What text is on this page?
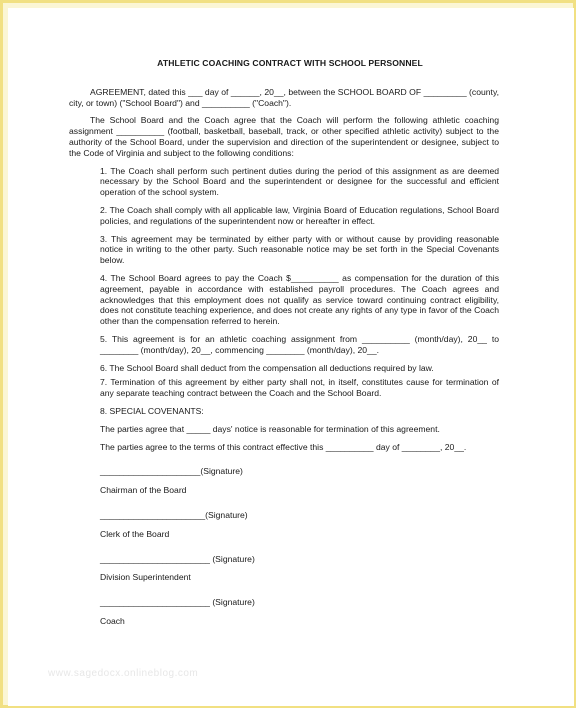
ATHLETIC COACHING CONTRACT WITH SCHOOL PERSONNEL
AGREEMENT, dated this ___ day of ______, 20__, between the SCHOOL BOARD OF _________ (county, city, or town) ("School Board") and __________ ("Coach").
The School Board and the Coach agree that the Coach will perform the following athletic coaching assignment __________ (football, basketball, baseball, track, or other specified athletic activity) subject to the authority of the School Board, under the supervision and direction of the superintendent or designee, subject to the Code of Virginia and subject to the following conditions:
1. The Coach shall perform such pertinent duties during the period of this assignment as are deemed necessary by the School Board and the superintendent or designee for the successful and efficient operation of the school system.
2. The Coach shall comply with all applicable law, Virginia Board of Education regulations, School Board policies, and regulations of the superintendent now or hereafter in effect.
3. This agreement may be terminated by either party with or without cause by providing reasonable notice in writing to the other party. Such reasonable notice may be set forth in the Special Covenants below.
4. The School Board agrees to pay the Coach $__________ as compensation for the duration of this agreement, payable in accordance with established payroll procedures. The Coach agrees and acknowledges that this employment does not qualify as service toward continuing contract eligibility, does not constitute teaching experience, and does not create any rights of any type in favor of the Coach other than the compensation referred to herein.
5. This agreement is for an athletic coaching assignment from __________ (month/day), 20__ to ________ (month/day), 20__, commencing ________ (month/day), 20__.
6. The School Board shall deduct from the compensation all deductions required by law.
7. Termination of this agreement by either party shall not, in itself, constitutes cause for termination of any separate teaching contract between the Coach and the School Board.
8. SPECIAL COVENANTS:
The parties agree that _____ days' notice is reasonable for termination of this agreement.
The parties agree to the terms of this contract effective this __________ day of ________, 20__.
_____________________(Signature)
Chairman of the Board
______________________(Signature)
Clerk of the Board
_______________________ (Signature)
Division Superintendent
_______________________ (Signature)
Coach
www.sagedocx.onlineblog.com
